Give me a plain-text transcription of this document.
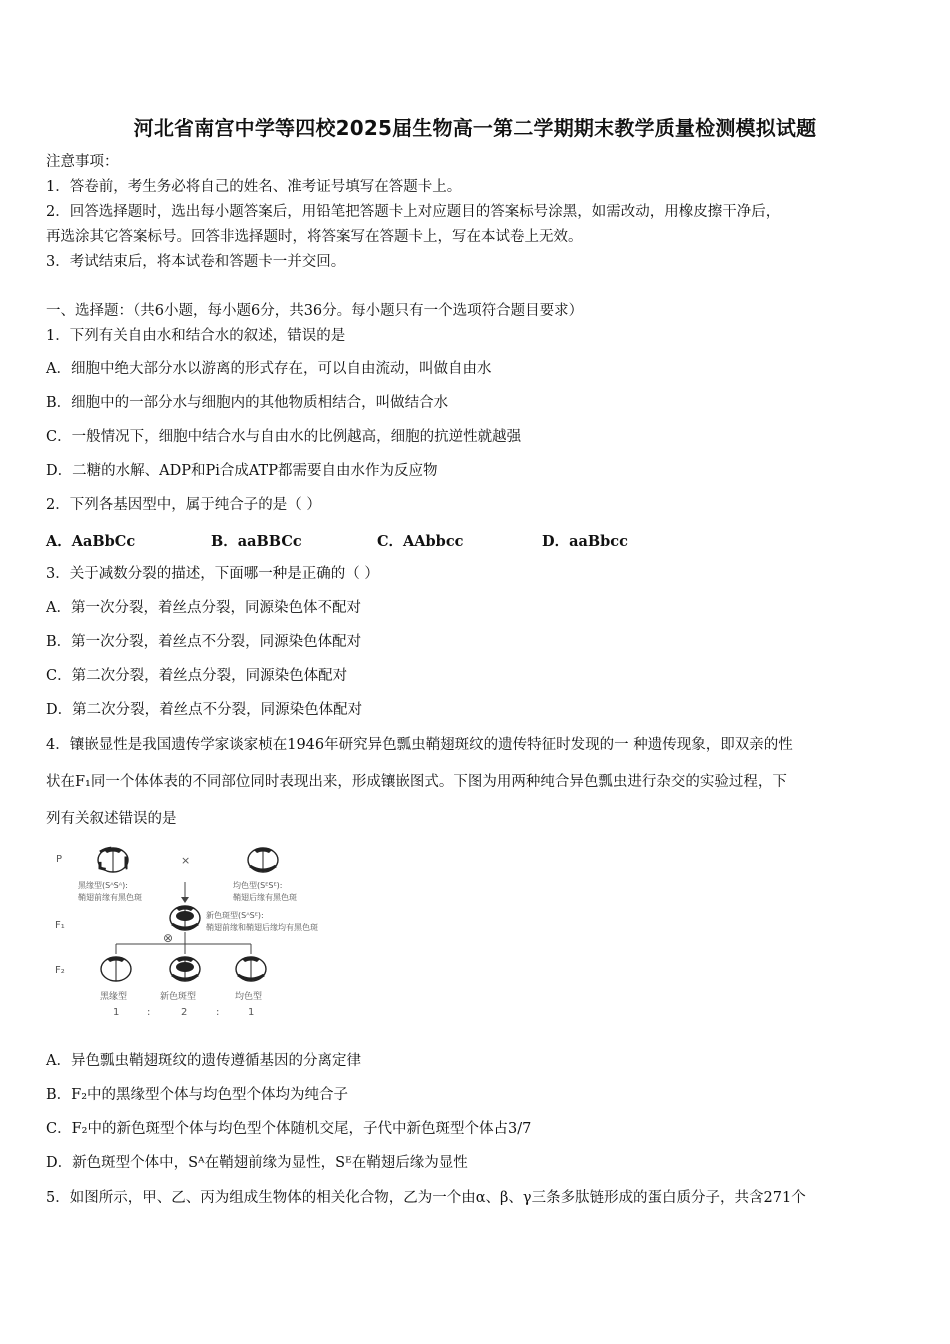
河北省南宫中学等四校2025届生物高一第二学期期末教学质量检测模拟试题
注意事项：
1．答卷前，考生务必将自己的姓名、准考证号填写在答题卡上。
2．回答选择题时，选出每小题答案后，用铅笔把答题卡上对应题目的答案标号涂黑，如需改动，用橡皮擦干净后，
再选涂其它答案标号。回答非选择题时，将答案写在答题卡上，写在本试卷上无效。
3．考试结束后，将本试卷和答题卡一并交回。
一、选择题：（共6小题，每小题6分，共36分。每小题只有一个选项符合题目要求）
1．下列有关自由水和结合水的叙述，错误的是
A．细胞中绝大部分水以游离的形式存在，可以自由流动，叫做自由水
B．细胞中的一部分水与细胞内的其他物质相结合，叫做结合水
C．一般情况下，细胞中结合水与自由水的比例越高，细胞的抗逆性就越强
D．二糖的水解、ADP和Pi合成ATP都需要自由水作为反应物
2．下列各基因型中，属于纯合子的是（ ）
A．AaBbCc	B．aaBBCc	C．AAbbcc	D．aaBbcc
3．关于减数分裂的描述，下面哪一种是正确的（ ）
A．第一次分裂，着丝点分裂，同源染色体不配对
B．第一次分裂，着丝点不分裂，同源染色体配对
C．第二次分裂，着丝点分裂，同源染色体配对
D．第二次分裂，着丝点不分裂，同源染色体配对
4．镶嵌显性是我国遗传学家谈家桢在1946年研究异色瓢虫鞘翅斑纹的遗传特征时发现的一 种遗传现象，即双亲的性
状在F₁同一个体体表的不同部位同时表现出来，形成镶嵌图式。下图为用两种纯合异色瓢虫进行杂交的实验过程，下
列有关叙述错误的是
P
F₁
F₂
×
黑缘型(SᴬSᴬ):
鞘翅前缘有黑色斑
均色型(SᴱSᴱ):
鞘翅后缘有黑色斑
新色斑型(SᴬSᴱ):
鞘翅前缘和鞘翅后缘均有黑色斑
⊗
黑缘型	新色斑型	均色型
1	:	2	:	1
A．异色瓢虫鞘翅斑纹的遗传遵循基因的分离定律
B．F₂中的黑缘型个体与均色型个体均为纯合子
C．F₂中的新色斑型个体与均色型个体随机交尾，子代中新色斑型个体占3/7
D．新色斑型个体中，Sᴬ在鞘翅前缘为显性，Sᴱ在鞘翅后缘为显性
5．如图所示，甲、乙、丙为组成生物体的相关化合物，乙为一个由α、β、γ三条多肽链形成的蛋白质分子，共含271个
